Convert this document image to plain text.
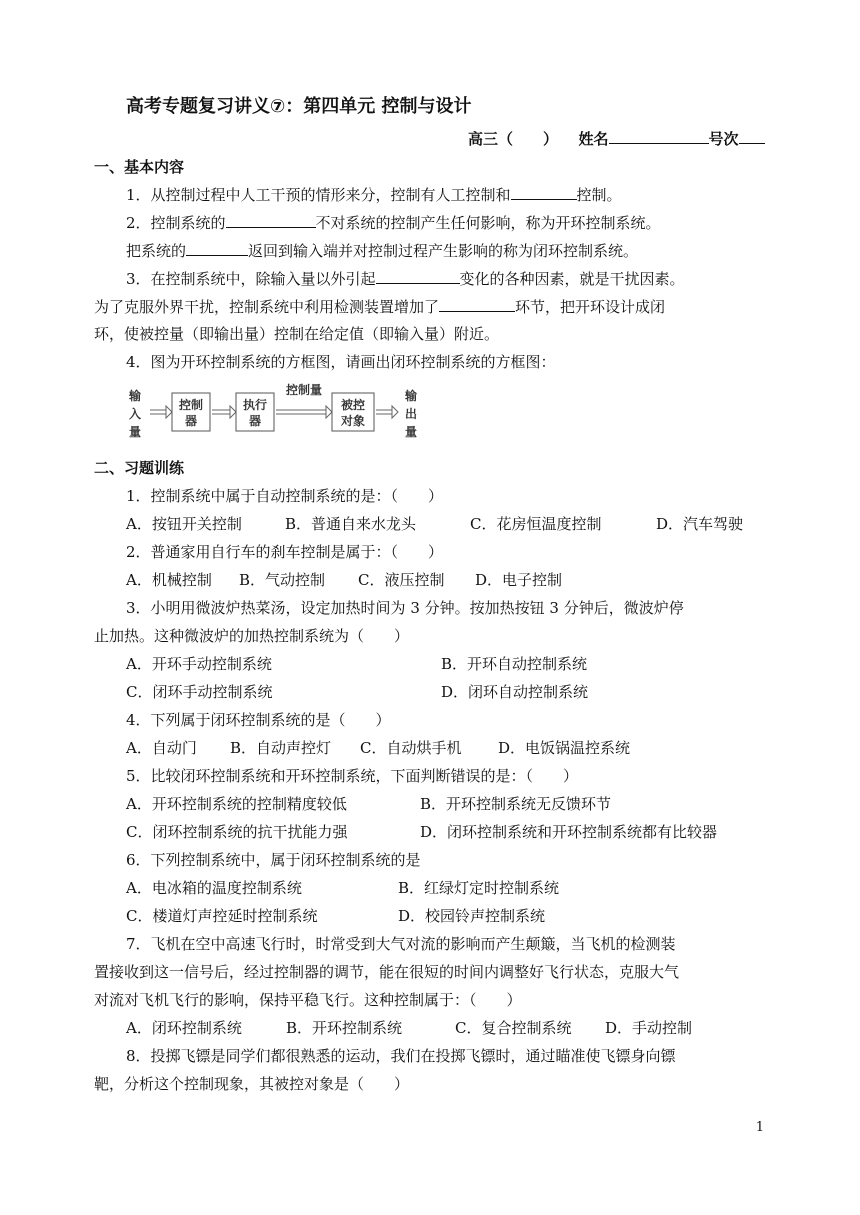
高考专题复习讲义⑦：第四单元 控制与设计
高三（　　） 姓名	号次
一、基本内容
1．从控制过程中人工干预的情形来分，控制有人工控制和	控制。
2．控制系统的	不对系统的控制产生任何影响，称为开环控制系统。
把系统的	返回到输入端并对控制过程产生影响的称为闭环控制系统。
3．在控制系统中，除输入量以外引起	变化的各种因素，就是干扰因素。
为了克服外界干扰，控制系统中利用检测装置增加了	环节，把开环设计成闭
环，使被控量（即输出量）控制在给定值（即输入量）附近。
4．图为开环控制系统的方框图，请画出闭环控制系统的方框图：
输
入
量
控制
器
执行
器
控制量
被控
对象
输
出
量
二、习题训练
1．控制系统中属于自动控制系统的是：（　　）
A．按钮开关控制	B．普通自来水龙头	C．花房恒温度控制	D．汽车驾驶
2．普通家用自行车的刹车控制是属于：（　　）
A．机械控制 B．气动控制 C．液压控制 D．电子控制
3．小明用微波炉热菜汤，设定加热时间为 3 分钟。按加热按钮 3 分钟后，微波炉停
止加热。这种微波炉的加热控制系统为（　　）
A．开环手动控制系统	B．开环自动控制系统
C．闭环手动控制系统	D．闭环自动控制系统
4．下列属于闭环控制系统的是（　　）
A．自动门 B．自动声控灯 C．自动烘手机 D．电饭锅温控系统
5．比较闭环控制系统和开环控制系统，下面判断错误的是：（　　）
A．开环控制系统的控制精度较低	B．开环控制系统无反馈环节
C．闭环控制系统的抗干扰能力强	D．闭环控制系统和开环控制系统都有比较器
6．下列控制系统中，属于闭环控制系统的是
A．电冰箱的温度控制系统	B．红绿灯定时控制系统
C．楼道灯声控延时控制系统	D．校园铃声控制系统
7．飞机在空中高速飞行时，时常受到大气对流的影响而产生颠簸，当飞机的检测装
置接收到这一信号后，经过控制器的调节，能在很短的时间内调整好飞行状态，克服大气
对流对飞机飞行的影响，保持平稳飞行。这种控制属于：（　　）
A．闭环控制系统	B．开环控制系统	C．复合控制系统 D．手动控制
8．投掷飞镖是同学们都很熟悉的运动，我们在投掷飞镖时，通过瞄准使飞镖身向镖
靶，分析这个控制现象，其被控对象是（　　）
1
